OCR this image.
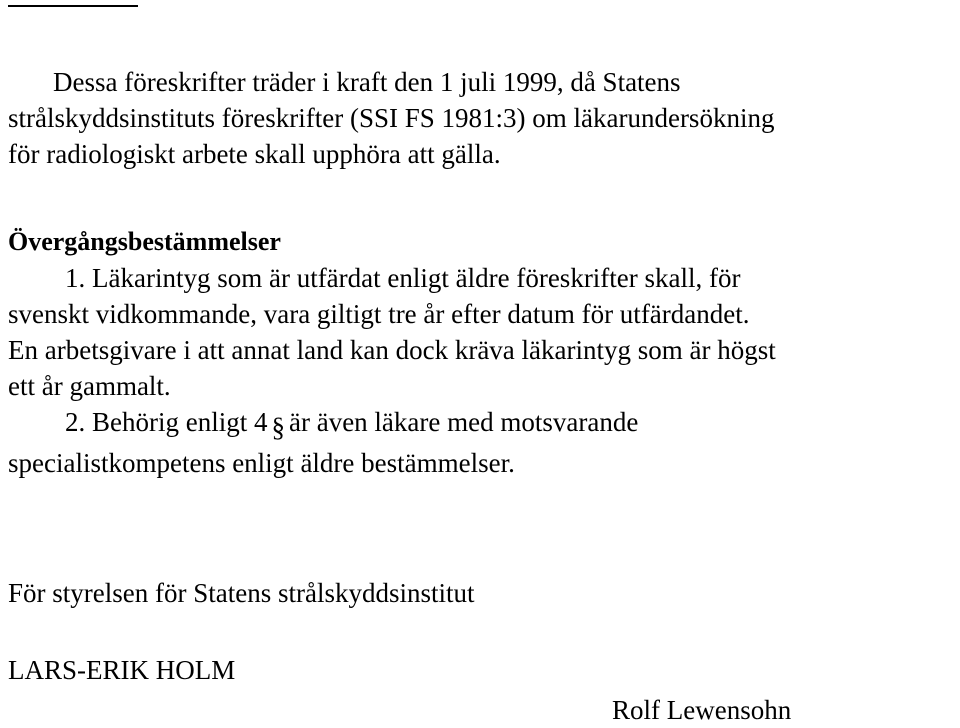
Dessa föreskrifter träder i kraft den 1 juli 1999, då Statens
strålskyddsinstituts föreskrifter (SSI FS 1981:3) om läkarundersökning
för radiologiskt arbete skall upphöra att gälla.
Övergångsbestämmelser
1. Läkarintyg som är utfärdat enligt äldre föreskrifter skall, för
svenskt vidkommande, vara giltigt tre år efter datum för utfärdandet.
En arbetsgivare i att annat land kan dock kräva läkarintyg som är högst
ett år gammalt.
2. Behörig enligt 4 § är även läkare med motsvarande
specialistkompetens enligt äldre bestämmelser.
För styrelsen för Statens strålskyddsinstitut
LARS-ERIK HOLM
Rolf Lewensohn
